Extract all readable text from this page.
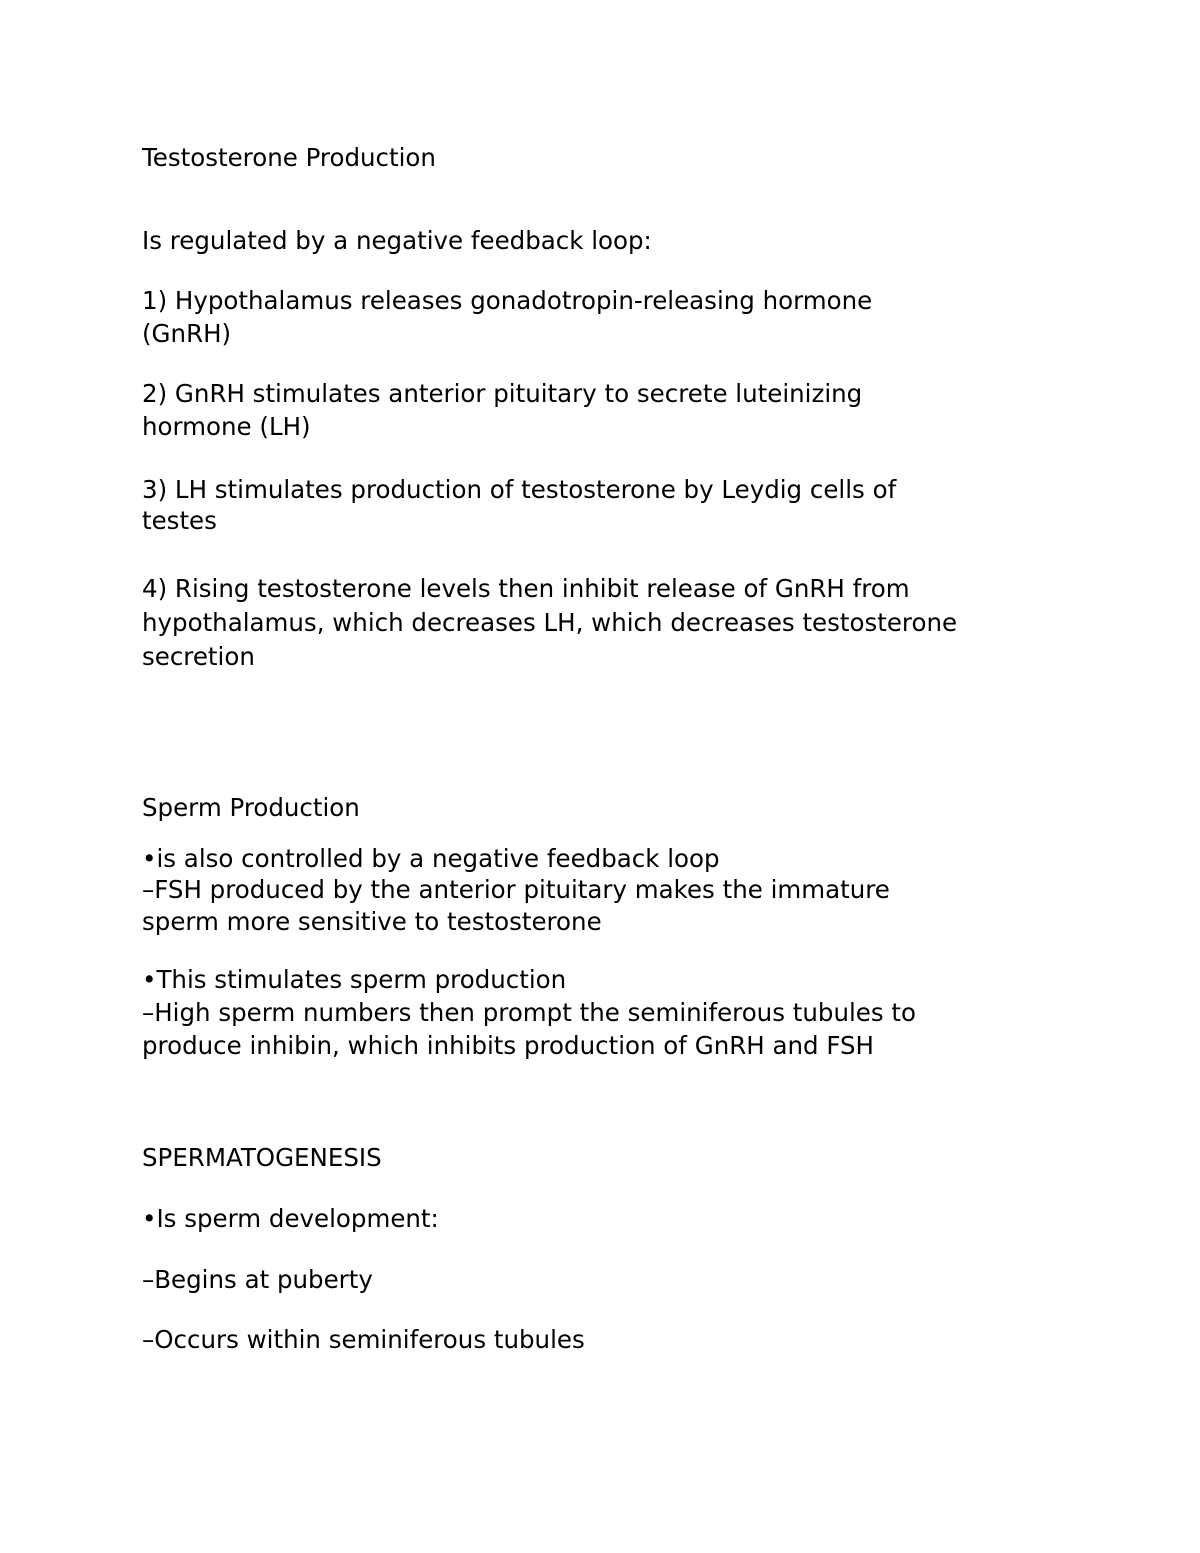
Testosterone Production

Is regulated by a negative feedback loop:

1) Hypothalamus releases gonadotropin-releasing hormone

(GnRH)

2) GnRH stimulates anterior pituitary to secrete luteinizing

hormone (LH)

3) LH stimulates production of testosterone by Leydig cells of

testes

4) Rising testosterone levels then inhibit release of GnRH from

hypothalamus, which decreases LH, which decreases testosterone

secretion

Sperm Production

•is also controlled by a negative feedback loop

–FSH produced by the anterior pituitary makes the immature

sperm more sensitive to testosterone

•This stimulates sperm production

–High sperm numbers then prompt the seminiferous tubules to

produce inhibin, which inhibits production of GnRH and FSH

SPERMATOGENESIS

•Is sperm development:

–Begins at puberty

–Occurs within seminiferous tubules
